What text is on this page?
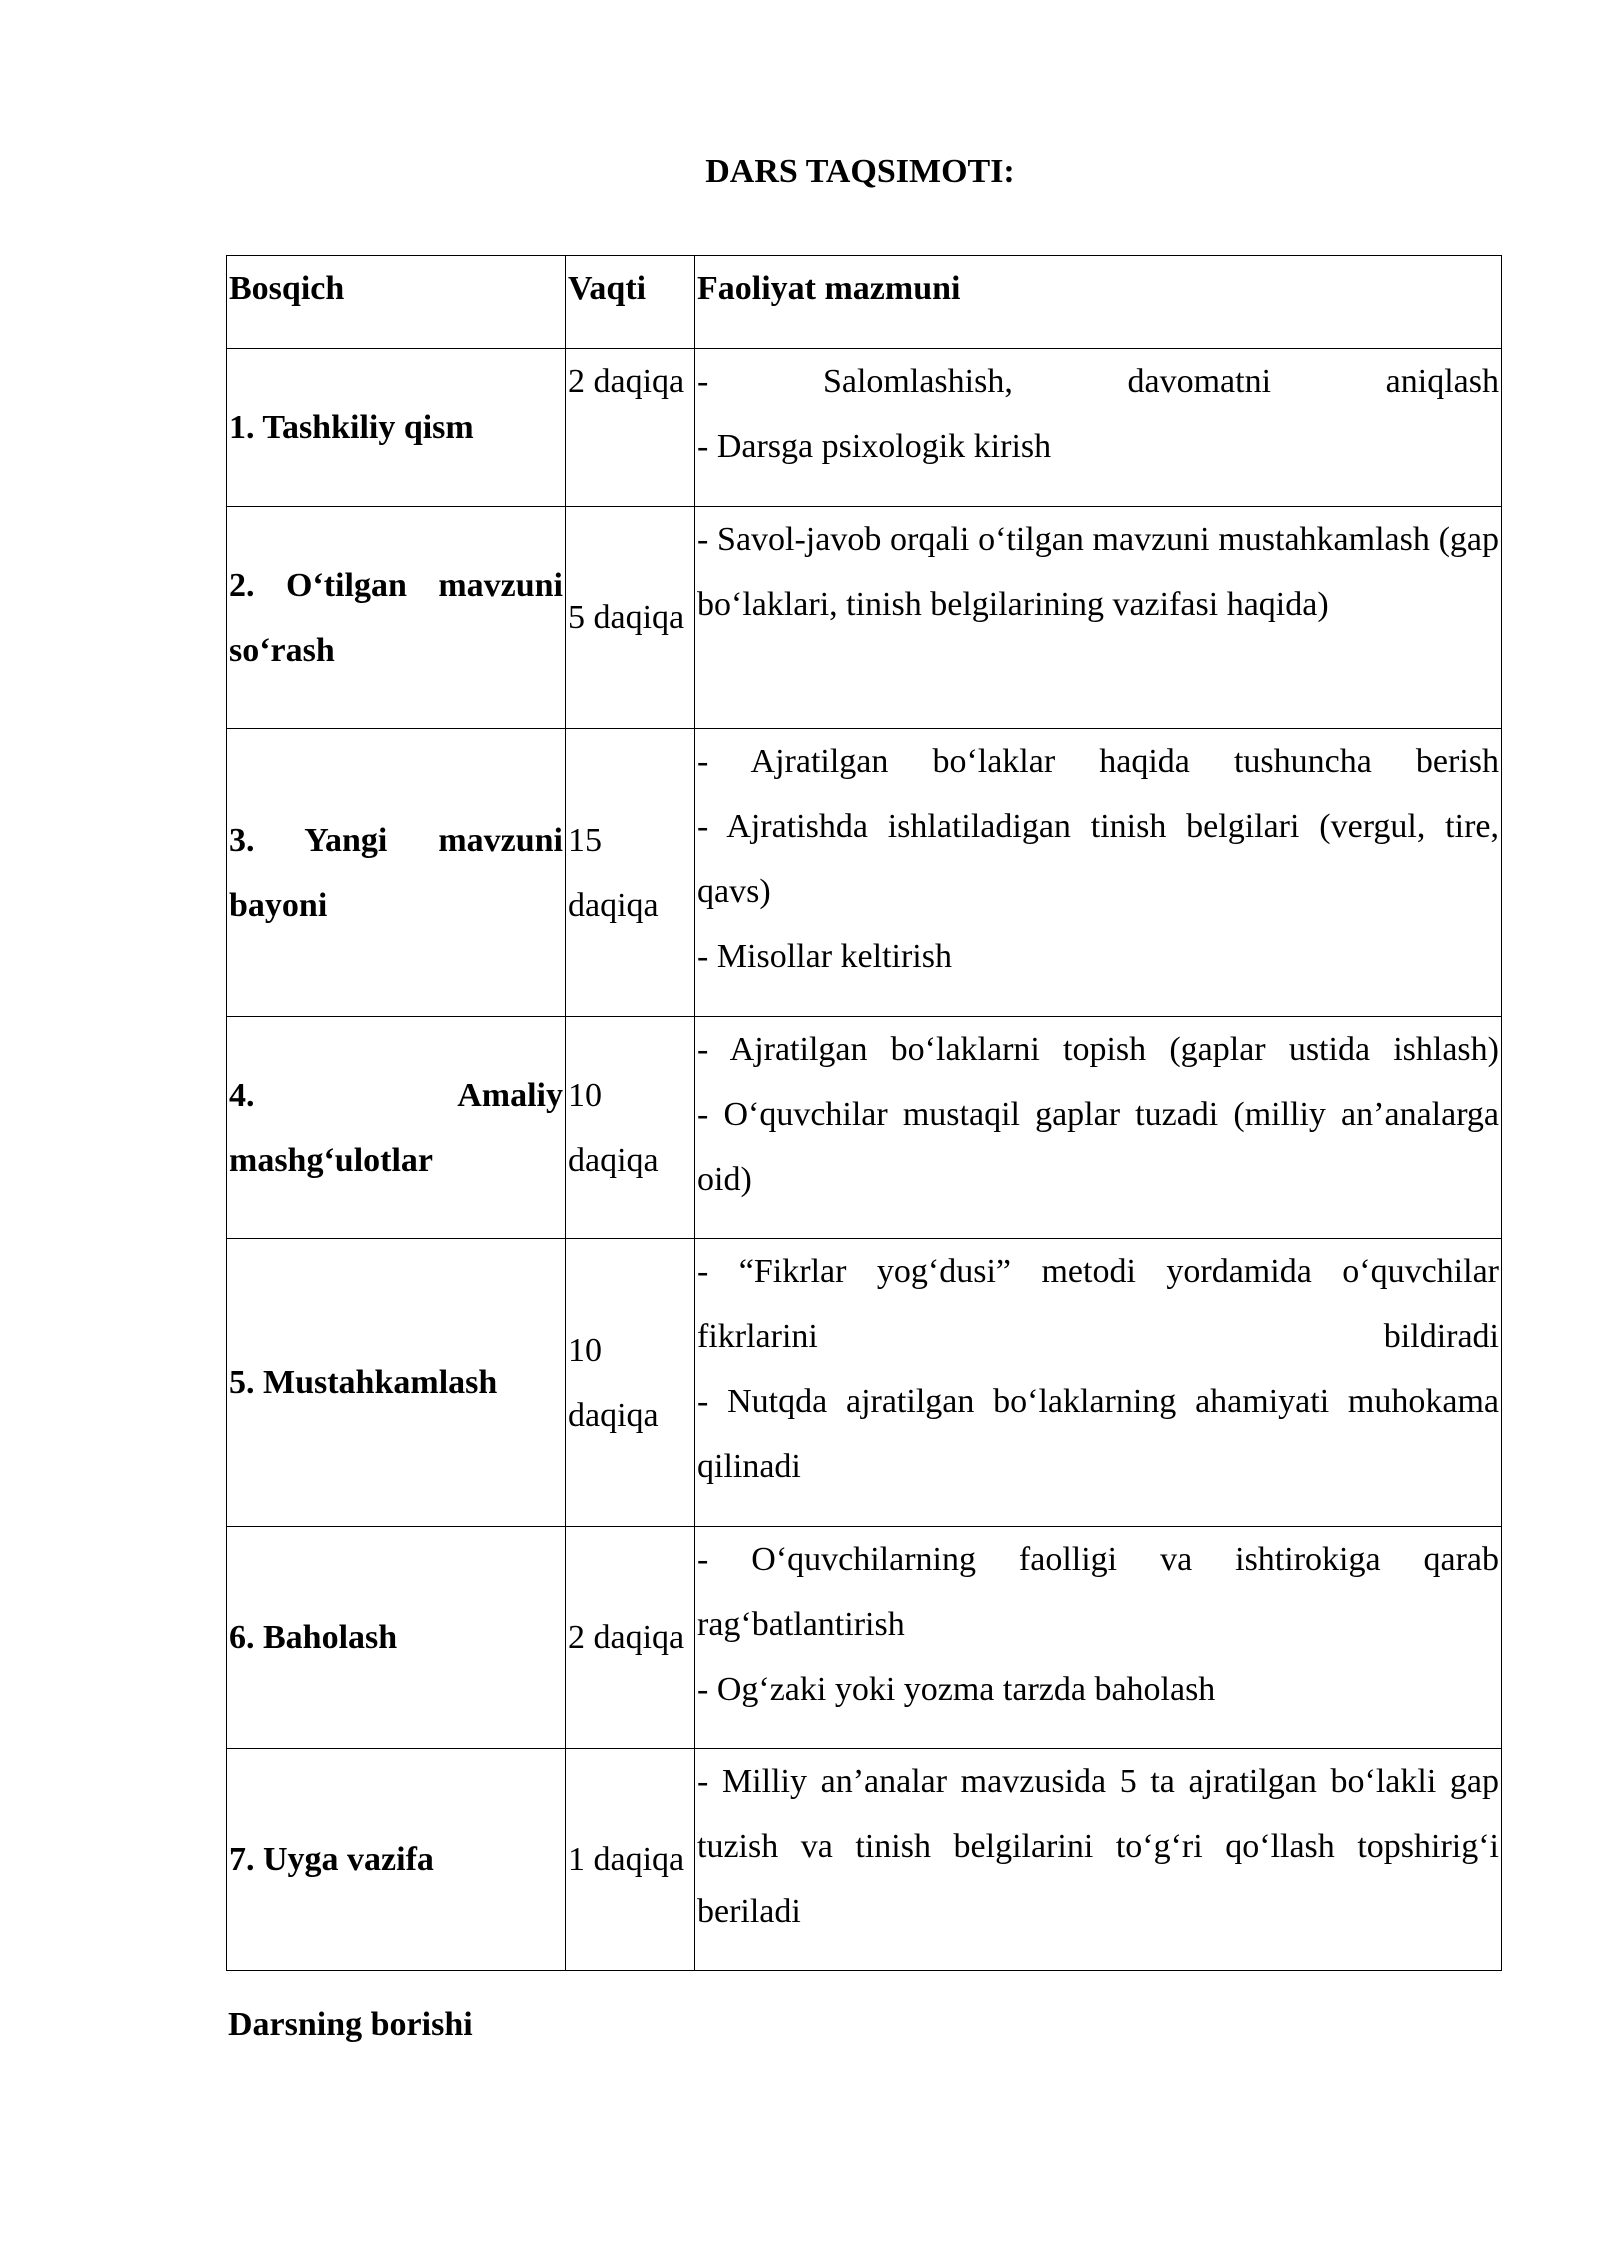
DARS TAQSIMOTI:
Bosqich	Vaqti	Faoliyat mazmuni
1. Tashkiliy qism	2 daqiqa	- Salomlashish, davomatni aniqlash
- Darsga psixologik kirish

2. O‘tilgan mavzuni so‘rash	5 daqiqa	- Savol-javob orqali o‘tilgan mavzuni mustahkamlash (gap bo‘laklari, tinish belgilarining vazifasi haqida)

3. Yangi mavzuni bayoni	15 daqiqa	- Ajratilgan bo‘laklar haqida tushuncha berish
- Ajratishda ishlatiladigan tinish belgilari (vergul, tire, qavs)
- Misollar keltirish

4. Amaliy mashg‘ulotlar	10 daqiqa	- Ajratilgan bo‘laklarni topish (gaplar ustida ishlash)
- O‘quvchilar mustaqil gaplar tuzadi (milliy an’analarga oid)

5. Mustahkamlash	10 daqiqa	- “Fikrlar yog‘dusi” metodi yordamida o‘quvchilar fikrlarini bildiradi
- Nutqda ajratilgan bo‘laklarning ahamiyati muhokama qilinadi

6. Baholash	2 daqiqa	- O‘quvchilarning faolligi va ishtirokiga qarab rag‘batlantirish
- Og‘zaki yoki yozma tarzda baholash

7. Uyga vazifa	1 daqiqa	- Milliy an’analar mavzusida 5 ta ajratilgan bo‘lakli gap tuzish va tinish belgilarini to‘g‘ri qo‘llash topshirig‘i beriladi
Darsning borishi
